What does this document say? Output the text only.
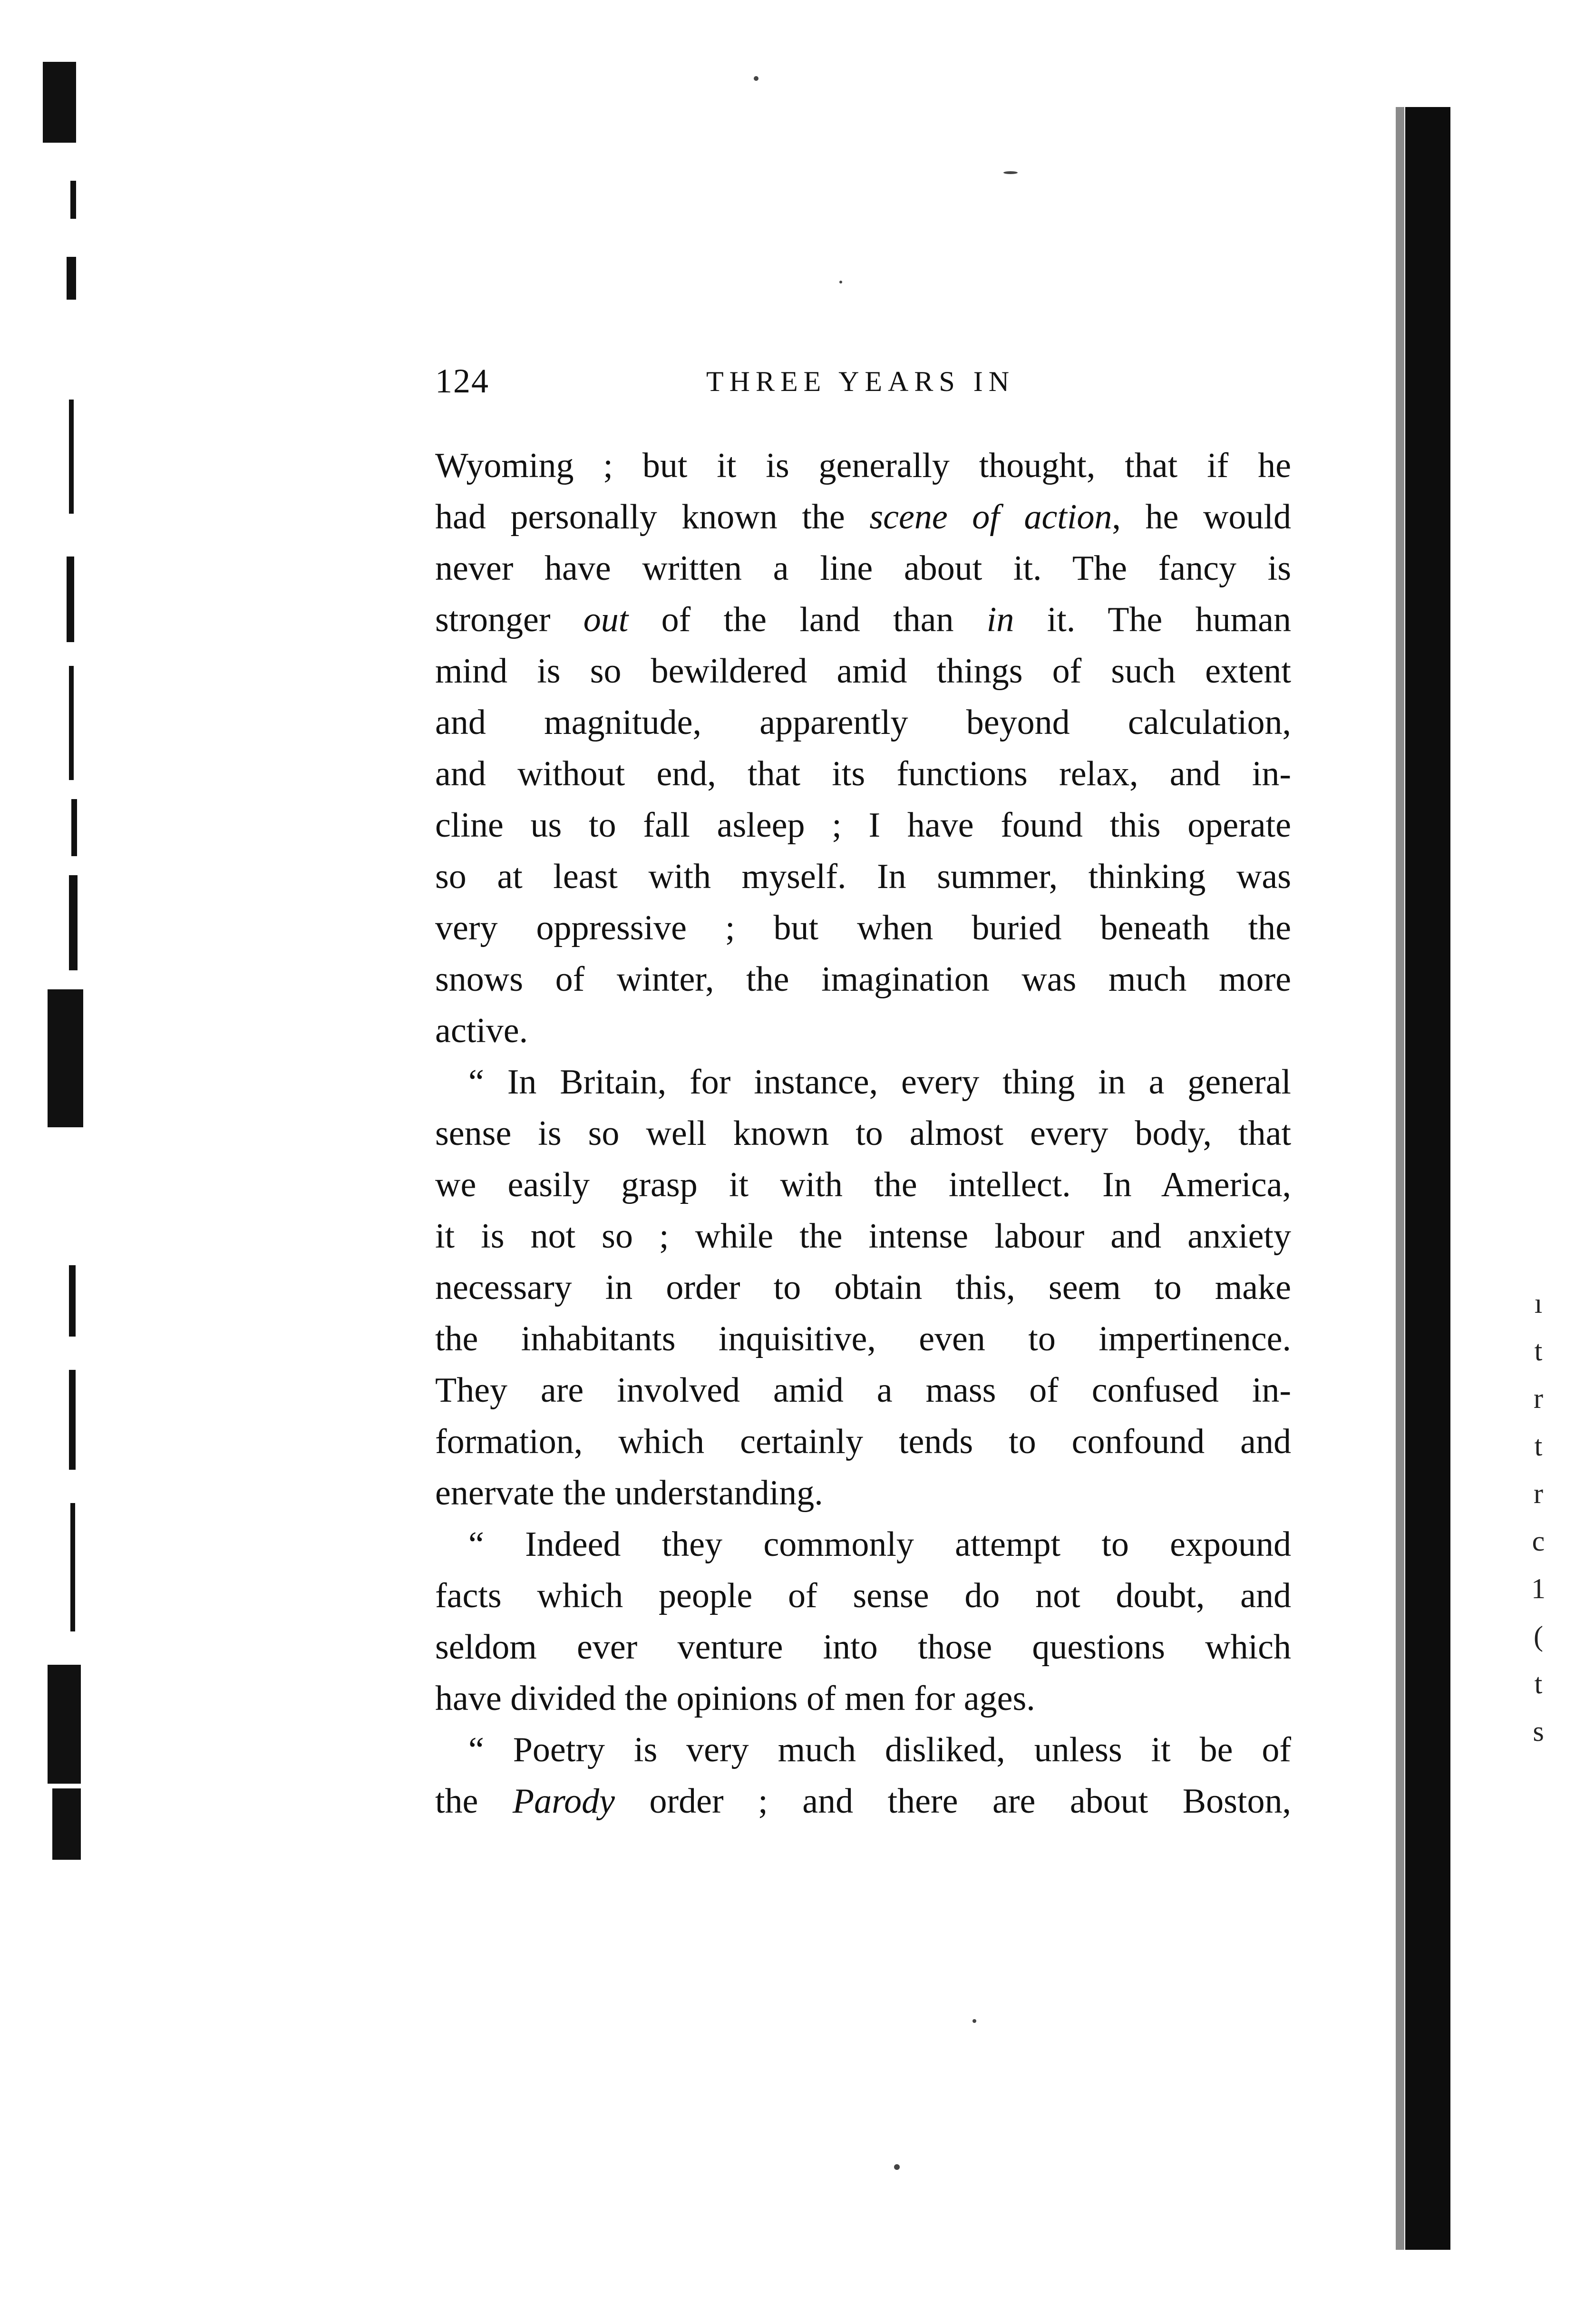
ı
t
r
t
r
c
1
(
t
s
124	THREE YEARS IN
Wyoming ; but it is generally thought, that if he
had personally known the scene of action, he would
never have written a line about it. The fancy is
stronger out of the land than in it. The human
mind is so bewildered amid things of such extent
and magnitude, apparently beyond calculation,
and without end, that its functions relax, and in-
cline us to fall asleep ; I have found this operate
so at least with myself. In summer, thinking was
very oppressive ; but when buried beneath the
snows of winter, the imagination was much more
active.
“ In Britain, for instance, every thing in a general
sense is so well known to almost every body, that
we easily grasp it with the intellect. In America,
it is not so ; while the intense labour and anxiety
necessary in order to obtain this, seem to make
the inhabitants inquisitive, even to impertinence.
They are involved amid a mass of confused in-
formation, which certainly tends to confound and
enervate the understanding.
“ Indeed they commonly attempt to expound
facts which people of sense do not doubt, and
seldom ever venture into those questions which
have divided the opinions of men for ages.
“ Poetry is very much disliked, unless it be of
the Parody order ; and there are about Boston,
